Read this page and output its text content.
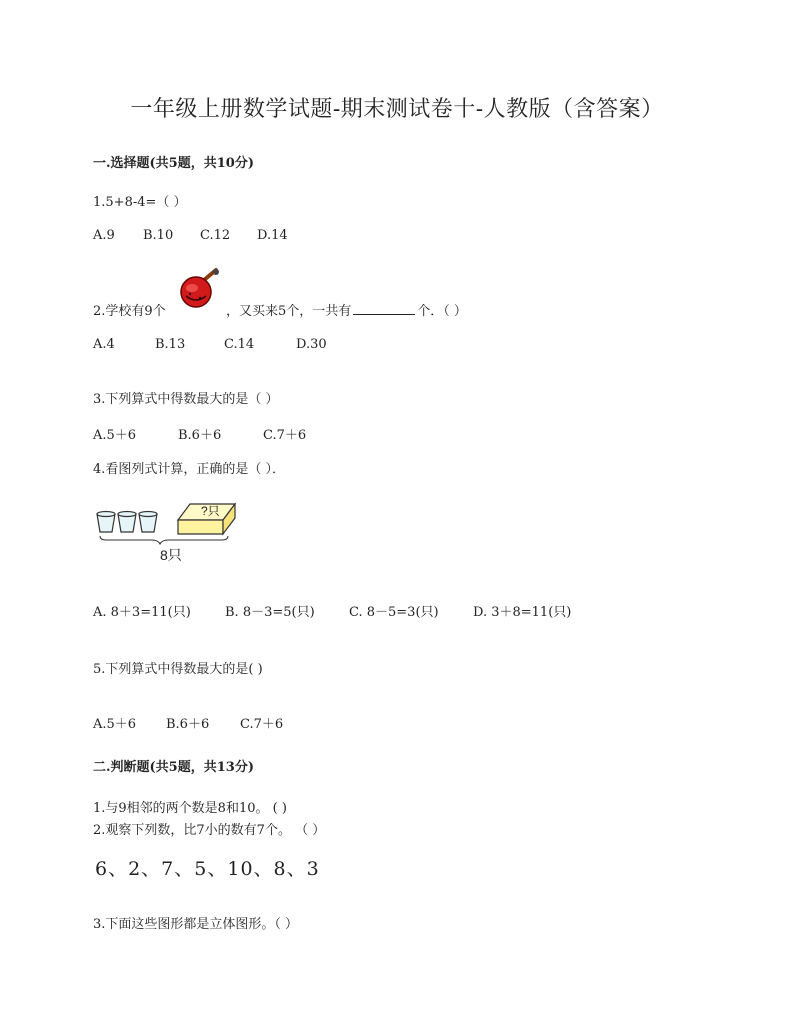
一年级上册数学试题-期末测试卷十-人教版（含答案）
一.选择题(共5题，共10分)
1.5+8-4=（ ）
A.9 B.10 C.12 D.14
2.学校有9个	，又买来5个，一共有	个．（ ）
A.4	B.13	C.14	D.30
3.下列算式中得数最大的是（ ）
A.5＋6	B.6＋6	C.7＋6
4.看图列式计算，正确的是（ ）．
?只
8只
A. 8＋3=11(只)	B. 8－3=5(只)	C. 8－5=3(只)	D. 3＋8=11(只)
5.下列算式中得数最大的是( )
A.5＋6 B.6＋6 C.7＋6
二.判断题(共5题，共13分)
1.与9相邻的两个数是8和10。 ( )
2.观察下列数，比7小的数有7个。 （ ）
6、2、7、5、10、8、3
3.下面这些图形都是立体图形。（ ）
